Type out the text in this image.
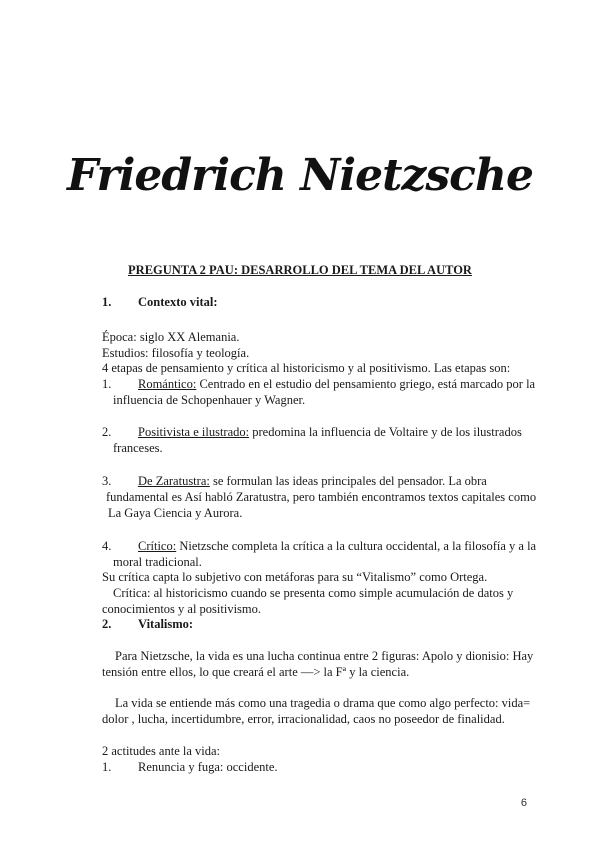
Friedrich Nietzsche
PREGUNTA 2 PAU: DESARROLLO DEL TEMA DEL AUTOR
1. Contexto vital:
Época: siglo XX Alemania.
Estudios: filosofía y teología.
4 etapas de pensamiento y crítica al historicismo y al positivismo. Las etapas son:
1. Romántico: Centrado en el estudio del pensamiento griego, está marcado por la
influencia de Schopenhauer y Wagner.
2. Positivista e ilustrado: predomina la influencia de Voltaire y de los ilustrados
franceses.
3. De Zaratustra: se formulan las ideas principales del pensador. La obra
fundamental es Así habló Zaratustra, pero también encontramos textos capitales como
La Gaya Ciencia y Aurora.
4. Crítico: Nietzsche completa la crítica a la cultura occidental, a la filosofía y a la
moral tradicional.
Su crítica capta lo subjetivo con metáforas para su “Vitalismo” como Ortega.
Crítica: al historicismo cuando se presenta como simple acumulación de datos y
conocimientos y al positivismo.
2. Vitalismo:
Para Nietzsche, la vida es una lucha continua entre 2 figuras: Apolo y dionisio: Hay
tensión entre ellos, lo que creará el arte —> la Fª y la ciencia.
La vida se entiende más como una tragedia o drama que como algo perfecto: vida=
dolor , lucha, incertidumbre, error, irracionalidad, caos no poseedor de finalidad.
2 actitudes ante la vida:
1. Renuncia y fuga: occidente.
6
